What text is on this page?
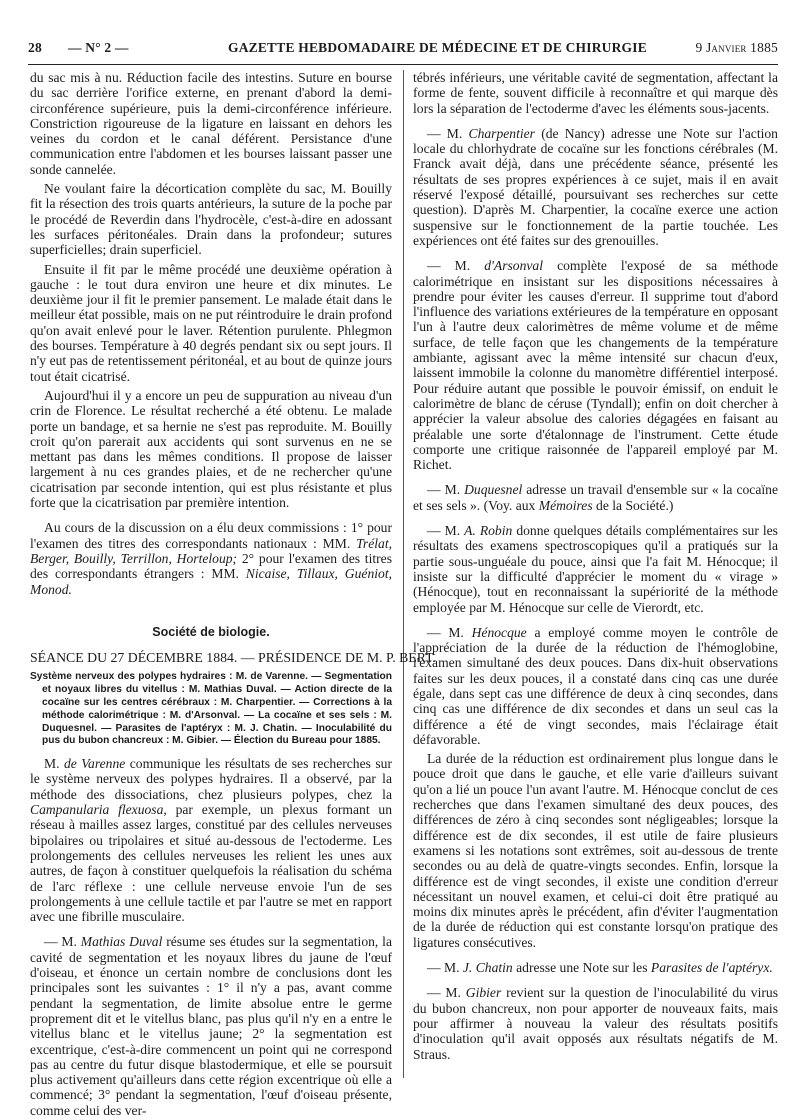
28 — N° 2 —	GAZETTE HEBDOMADAIRE DE MÉDECINE ET DE CHIRURGIE	9 Janvier 1885

du sac mis à nu. Réduction facile des intestins. Suture en bourse du sac derrière l'orifice externe, en prenant d'abord la demi-circonférence supérieure, puis la demi-circonférence inférieure. Constriction rigoureuse de la ligature en laissant en dehors les veines du cordon et le canal déférent. Persistance d'une communication entre l'abdomen et les bourses laissant passer une sonde cannelée.

Ne voulant faire la décortication complète du sac, M. Bouilly fit la résection des trois quarts antérieurs, la suture de la poche par le procédé de Reverdin dans l'hydrocèle, c'est-à-dire en adossant les surfaces péritonéales. Drain dans la profondeur; sutures superficielles; drain superficiel.

Ensuite il fit par le même procédé une deuxième opération à gauche : le tout dura environ une heure et dix minutes. Le deuxième jour il fit le premier pansement. Le malade était dans le meilleur état possible, mais on ne put réintroduire le drain profond qu'on avait enlevé pour le laver. Rétention purulente. Phlegmon des bourses. Température à 40 degrés pendant six ou sept jours. Il n'y eut pas de retentissement péritonéal, et au bout de quinze jours tout était cicatrisé.

Aujourd'hui il y a encore un peu de suppuration au niveau d'un crin de Florence. Le résultat recherché a été obtenu. Le malade porte un bandage, et sa hernie ne s'est pas reproduite. M. Bouilly croit qu'on parerait aux accidents qui sont survenus en ne se mettant pas dans les mêmes conditions. Il propose de laisser largement à nu ces grandes plaies, et de ne rechercher qu'une cicatrisation par seconde intention, qui est plus résistante et plus forte que la cicatrisation par première intention.

Au cours de la discussion on a élu deux commissions : 1° pour l'examen des titres des correspondants nationaux : MM. Trélat, Berger, Bouilly, Terrillon, Horteloup; 2° pour l'examen des titres des correspondants étrangers : MM. Nicaise, Tillaux, Guéniot, Monod.

Société de biologie.

SÉANCE DU 27 DÉCEMBRE 1884. — PRÉSIDENCE DE M. P. BERT.

Système nerveux des polypes hydraires : M. de Varenne. — Segmentation et noyaux libres du vitellus : M. Mathias Duval. — Action directe de la cocaïne sur les centres cérébraux : M. Charpentier. — Corrections à la méthode calorimétrique : M. d'Arsonval. — La cocaïne et ses sels : M. Duquesnel. — Parasites de l'aptéryx : M. J. Chatin. — Inoculabilité du pus du bubon chancreux : M. Gibier. — Élection du Bureau pour 1885.

M. de Varenne communique les résultats de ses recherches sur le système nerveux des polypes hydraires. Il a observé, par la méthode des dissociations, chez plusieurs polypes, chez la Campanularia flexuosa, par exemple, un plexus formant un réseau à mailles assez larges, constitué par des cellules nerveuses bipolaires ou tripolaires et situé au-dessous de l'ectoderme. Les prolongements des cellules nerveuses les relient les unes aux autres, de façon à constituer quelquefois la réalisation du schéma de l'arc réflexe : une cellule nerveuse envoie l'un de ses prolongements à une cellule tactile et par l'autre se met en rapport avec une fibrille musculaire.

— M. Mathias Duval résume ses études sur la segmentation, la cavité de segmentation et les noyaux libres du jaune de l'œuf d'oiseau, et énonce un certain nombre de conclusions dont les principales sont les suivantes : 1° il n'y a pas, avant comme pendant la segmentation, de limite absolue entre le germe proprement dit et le vitellus blanc, pas plus qu'il n'y en a entre le vitellus blanc et le vitellus jaune; 2° la segmentation est excentrique, c'est-à-dire commencent un point qui ne correspond pas au centre du futur disque blastodermique, et elle se poursuit plus activement qu'ailleurs dans cette région excentrique où elle a commencé; 3° pendant la segmentation, l'œuf d'oiseau présente, comme celui des ver-

tébrés inférieurs, une véritable cavité de segmentation, affectant la forme de fente, souvent difficile à reconnaître et qui marque dès lors la séparation de l'ectoderme d'avec les éléments sous-jacents.

— M. Charpentier (de Nancy) adresse une Note sur l'action locale du chlorhydrate de cocaïne sur les fonctions cérébrales (M. Franck avait déjà, dans une précédente séance, présenté les résultats de ses propres expériences à ce sujet, mais il en avait réservé l'exposé détaillé, poursuivant ses recherches sur cette question). D'après M. Charpentier, la cocaïne exerce une action suspensive sur le fonctionnement de la partie touchée. Les expériences ont été faites sur des grenouilles.

— M. d'Arsonval complète l'exposé de sa méthode calorimétrique en insistant sur les dispositions nécessaires à prendre pour éviter les causes d'erreur. Il supprime tout d'abord l'influence des variations extérieures de la température en opposant l'un à l'autre deux calorimètres de même volume et de même surface, de telle façon que les changements de la température ambiante, agissant avec la même intensité sur chacun d'eux, laissent immobile la colonne du manomètre différentiel interposé. Pour réduire autant que possible le pouvoir émissif, on enduit le calorimètre de blanc de céruse (Tyndall); enfin on doit chercher à apprécier la valeur absolue des calories dégagées en faisant au préalable une sorte d'étalonnage de l'instrument. Cette étude comporte une critique raisonnée de l'appareil employé par M. Richet.

— M. Duquesnel adresse un travail d'ensemble sur « la cocaïne et ses sels ». (Voy. aux Mémoires de la Société.)

— M. A. Robin donne quelques détails complémentaires sur les résultats des examens spectroscopiques qu'il a pratiqués sur la partie sous-unguéale du pouce, ainsi que l'a fait M. Hénocque; il insiste sur la difficulté d'apprécier le moment du « virage » (Hénocque), tout en reconnaissant la supériorité de la méthode employée par M. Hénocque sur celle de Vierordt, etc.

— M. Hénocque a employé comme moyen le contrôle de l'appréciation de la durée de la réduction de l'hémoglobine, l'examen simultané des deux pouces. Dans dix-huit observations faites sur les deux pouces, il a constaté dans cinq cas une durée égale, dans sept cas une différence de deux à cinq secondes, dans cinq cas une différence de dix secondes et dans un seul cas la différence a été de vingt secondes, mais l'éclairage était défavorable.

La durée de la réduction est ordinairement plus longue dans le pouce droit que dans le gauche, et elle varie d'ailleurs suivant qu'on a lié un pouce l'un avant l'autre. M. Hénocque conclut de ces recherches que dans l'examen simultané des deux pouces, des différences de zéro à cinq secondes sont négligeables; lorsque la différence est de dix secondes, il est utile de faire plusieurs examens si les notations sont extrêmes, soit au-dessous de trente secondes ou au delà de quatre-vingts secondes. Enfin, lorsque la différence est de vingt secondes, il existe une condition d'erreur nécessitant un nouvel examen, et celui-ci doit être pratiqué au moins dix minutes après le précédent, afin d'éviter l'augmentation de la durée de réduction qui est constante lorsqu'on pratique des ligatures consécutives.

— M. J. Chatin adresse une Note sur les Parasites de l'aptéryx.

— M. Gibier revient sur la question de l'inoculabilité du virus du bubon chancreux, non pour apporter de nouveaux faits, mais pour affirmer à nouveau la valeur des résultats positifs d'inoculation qu'il avait opposés aux résultats négatifs de M. Straus.
